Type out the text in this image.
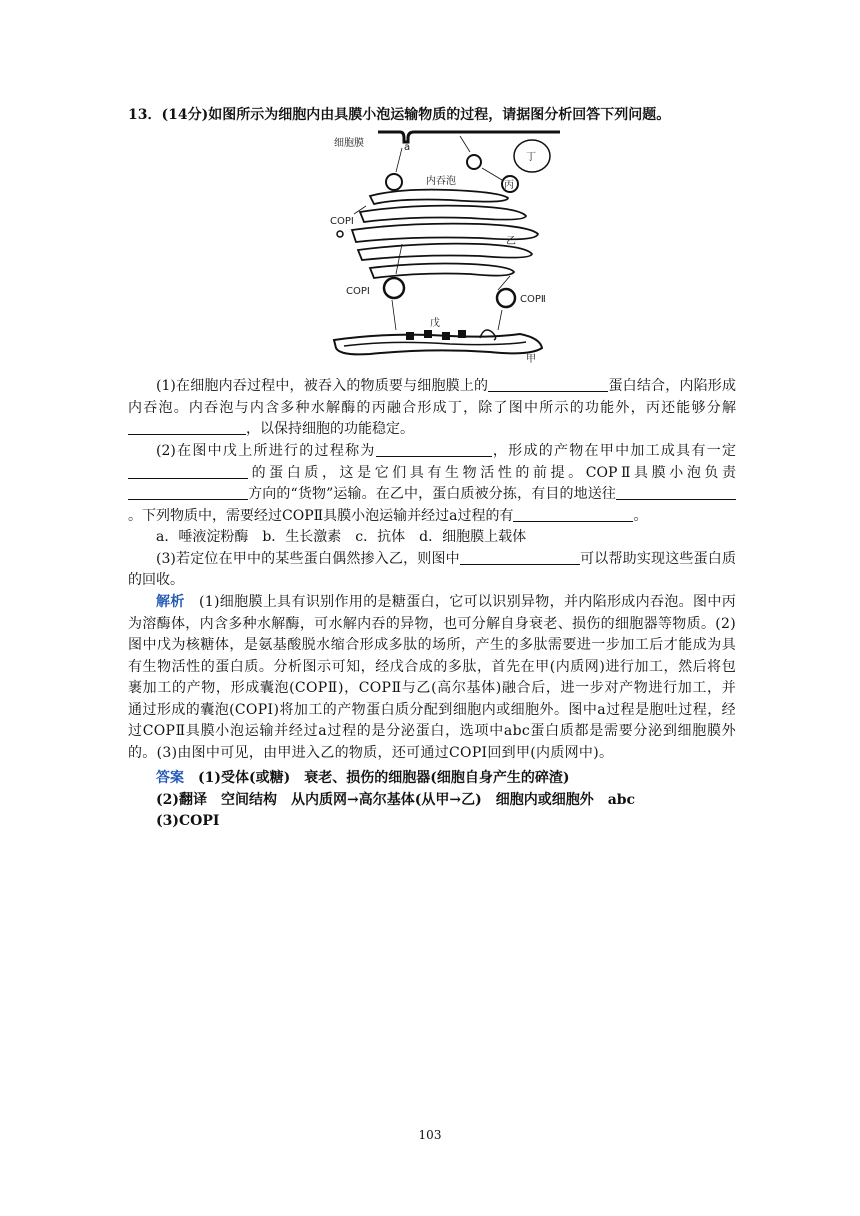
13．(14分)如图所示为细胞内由具膜小泡运输物质的过程，请据图分析回答下列问题。
细胞膜	a
内吞泡
丁
丙
COPⅠ
乙
COPⅠ
COPⅡ
戊
甲

(1)在细胞内吞过程中，被吞入的物质要与细胞膜上的	蛋白结合，内陷形成内吞泡。内吞泡与内含多种水解酶的丙融合形成丁，除了图中所示的功能外，丙还能够分解，以保持细胞的功能稳定。

(2)在图中戊上所进行的过程称为	，形成的产物在甲中加工成具有一定的蛋白质，这是它们具有生物活性的前提。COPⅡ具膜小泡负责方向的“货物”运输。在乙中，蛋白质被分拣，有目的地送往。下列物质中，需要经过COPⅡ具膜小泡运输并经过a过程的有	。

a．唾液淀粉酶　b．生长激素　c．抗体　d．细胞膜上载体

(3)若定位在甲中的某些蛋白偶然掺入乙，则图中	可以帮助实现这些蛋白质的回收。

解析　 (1)细胞膜上具有识别作用的是糖蛋白，它可以识别异物，并内陷形成内吞泡。图中丙为溶酶体，内含多种水解酶，可水解内吞的异物，也可分解自身衰老、损伤的细胞器等物质。(2)图中戊为核糖体，是氨基酸脱水缩合形成多肽的场所，产生的多肽需要进一步加工后才能成为具有生物活性的蛋白质。分析图示可知，经戊合成的多肽，首先在甲(内质网)进行加工，然后将包裹加工的产物，形成囊泡(COPⅡ)，COPⅡ与乙(高尔基体)融合后，进一步对产物进行加工，并通过形成的囊泡(COPⅠ)将加工的产物蛋白质分配到细胞内或细胞外。图中a过程是胞吐过程，经过COPⅡ具膜小泡运输并经过a过程的是分泌蛋白，选项中abc蛋白质都是需要分泌到细胞膜外的。(3)由图中可见，由甲进入乙的物质，还可通过COPⅠ回到甲(内质网中)。

答案　 (1)受体(或糖)　衰老、损伤的细胞器(细胞自身产生的碎渣)

(2)翻译　空间结构　从内质网→高尔基体(从甲→乙)　细胞内或细胞外　abc

(3)COPⅠ

103
